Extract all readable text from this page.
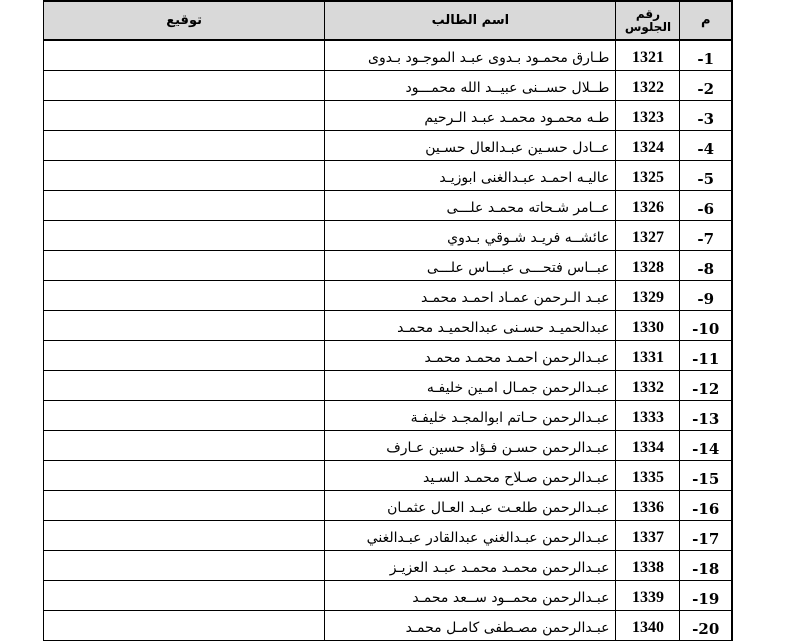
م	رقم الجلوس	اسم الطالب	توقيع
1-	1321	طـارق محمـود بـدوى عبـد الموجـود بـدوى	
2-	1322	طــلال حســنى عبيــد الله محمـــود	
3-	1323	طـه محمـود محمـد عبـد الـرحيم	
4-	1324	عــادل حسـين عبـدالعال حسـين	
5-	1325	عاليـه احمـد عبـدالغنى ابوزيـد	
6-	1326	عــامر شـحاته محمـد علـــى	
7-	1327	عائشــه فريـد شـوقي بـدوي	
8-	1328	عبــاس فتحـــى عبـــاس علـــى	
9-	1329	عبـد الـرحمن عمـاد احمـد محمـد	
10-	1330	عبدالحميـد حسـنى عبدالحميـد محمـد	
11-	1331	عبـدالرحمن احمـد محمـد محمـد	
12-	1332	عبـدالرحمن جمـال امـين خليفـه	
13-	1333	عبـدالرحمن حـاتم ابوالمجـد خليفـة	
14-	1334	عبـدالرحمن حسـن فـؤاد حسين عـارف	
15-	1335	عبـدالرحمن صـلاح محمـد السـيد	
16-	1336	عبـدالرحمن طلعـت عبـد العـال عثمـان	
17-	1337	عبـدالرحمن عبـدالغني عبدالقادر عبـدالغني	
18-	1338	عبـدالرحمن محمـد محمـد عبـد العزيـز	
19-	1339	عبـدالرحمن محمــود ســعد محمـد	
20-	1340	عبـدالرحمن مصـطفى كامـل محمـد	
